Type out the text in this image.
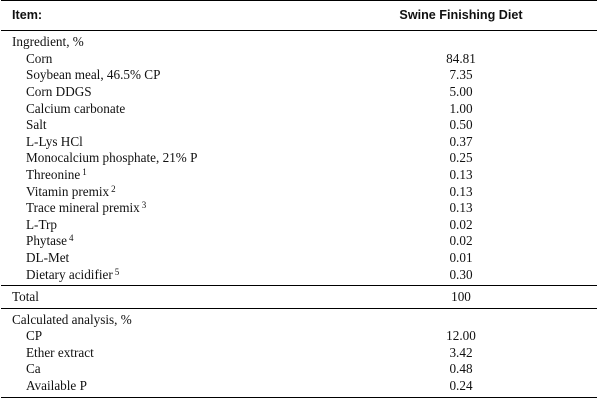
Item:	Swine Finishing Diet
Ingredient, %
Corn	84.81
Soybean meal, 46.5% CP	7.35
Corn DDGS	5.00
Calcium carbonate	1.00
Salt	0.50
L-Lys HCl	0.37
Monocalcium phosphate, 21% P	0.25
Threonine $^1$	0.13
Vitamin premix $^2$	0.13
Trace mineral premix $^3$	0.13
L-Trp	0.02
Phytase $^4$	0.02
DL-Met	0.01
Dietary acidifier $^5$	0.30
Total	100
Calculated analysis, %
CP	12.00
Ether extract	3.42
Ca	0.48
Available P	0.24
